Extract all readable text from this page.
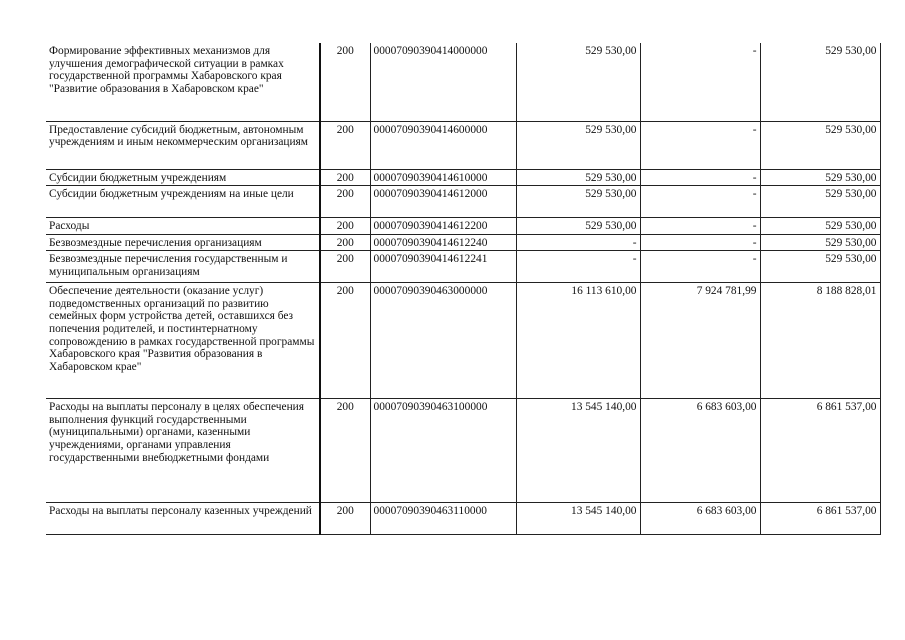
Формирование эффективных механизмов для улучшения демографической ситуации в рамках государственной программы Хабаровского края "Развитие образования в Хабаровском крае"	200	00007090390414000000	529 530,00	-	529 530,00
Предоставление субсидий бюджетным, автономным учреждениям и иным некоммерческим организациям	200	00007090390414600000	529 530,00	-	529 530,00
Субсидии бюджетным учреждениям	200	00007090390414610000	529 530,00	-	529 530,00
Субсидии бюджетным учреждениям на иные цели	200	00007090390414612000	529 530,00	-	529 530,00
Расходы	200	00007090390414612200	529 530,00	-	529 530,00
Безвозмездные перечисления организациям	200	00007090390414612240	-	-	529 530,00
Безвозмездные перечисления государственным и муниципальным организациям	200	00007090390414612241	-	-	529 530,00
Обеспечение деятельности (оказание услуг) подведомственных организаций по развитию семейных форм устройства детей, оставшихся без попечения родителей, и постинтернатному сопровождению в рамках государственной программы Хабаровского края "Развития образования в Хабаровском крае"	200	00007090390463000000	16 113 610,00	7 924 781,99	8 188 828,01
Расходы на выплаты персоналу в целях обеспечения выполнения функций государственными (муниципальными) органами, казенными учреждениями, органами управления государственными внебюджетными фондами	200	00007090390463100000	13 545 140,00	6 683 603,00	6 861 537,00
Расходы на выплаты персоналу казенных учреждений	200	00007090390463110000	13 545 140,00	6 683 603,00	6 861 537,00
